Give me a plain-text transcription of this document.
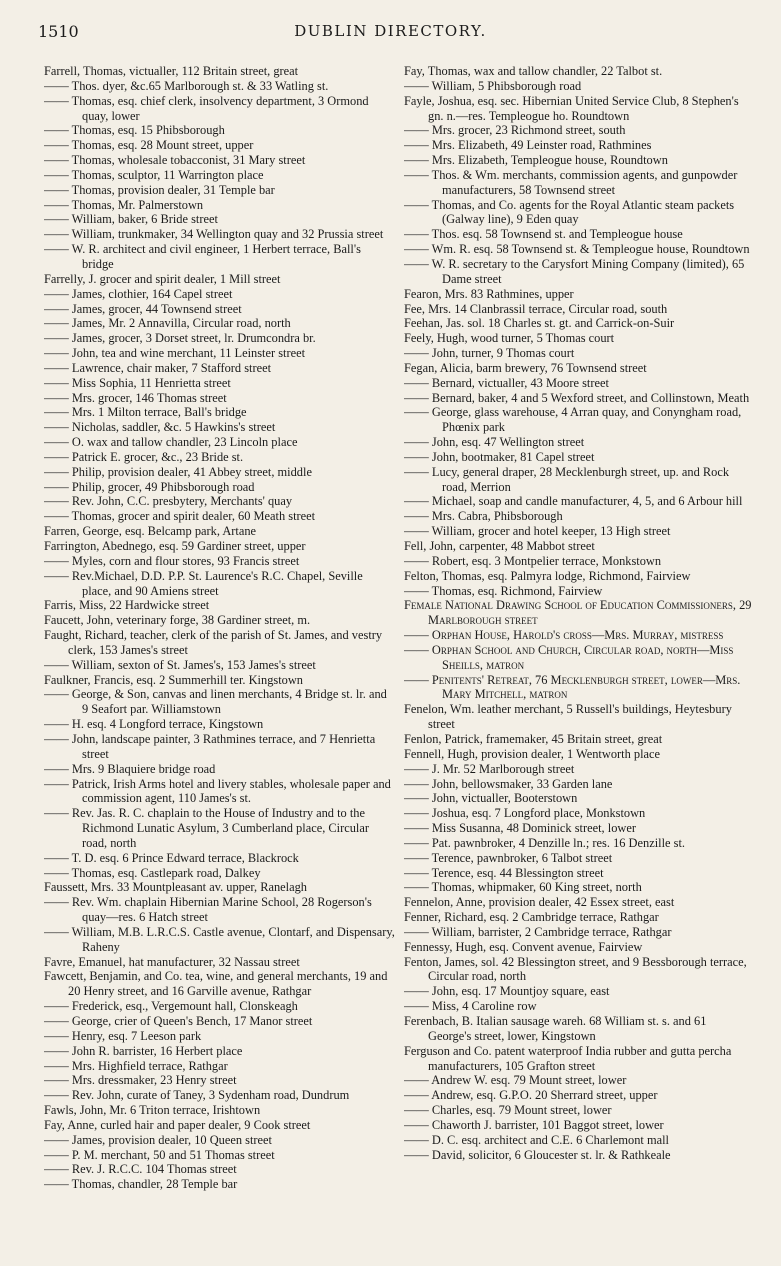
1510	DUBLIN DIRECTORY.
Farrell, Thomas, victualler, 112 Britain street, great
—— Thos. dyer, &c.65 Marlborough st. & 33 Watling st.
—— Thomas, esq. chief clerk, insolvency department, 3 Ormond quay, lower
—— Thomas, esq. 15 Phibsborough
—— Thomas, esq. 28 Mount street, upper
—— Thomas, wholesale tobacconist, 31 Mary street
—— Thomas, sculptor, 11 Warrington place
—— Thomas, provision dealer, 31 Temple bar
—— Thomas, Mr. Palmerstown
—— William, baker, 6 Bride street
—— William, trunkmaker, 34 Wellington quay and 32 Prussia street
—— W. R. architect and civil engineer, 1 Herbert terrace, Ball's bridge
Farrelly, J. grocer and spirit dealer, 1 Mill street
—— James, clothier, 164 Capel street
—— James, grocer, 44 Townsend street
—— James, Mr. 2 Annavilla, Circular road, north
—— James, grocer, 3 Dorset street, lr. Drumcondra br.
—— John, tea and wine merchant, 11 Leinster street
—— Lawrence, chair maker, 7 Stafford street
—— Miss Sophia, 11 Henrietta street
—— Mrs. grocer, 146 Thomas street
—— Mrs. 1 Milton terrace, Ball's bridge
—— Nicholas, saddler, &c. 5 Hawkins's street
—— O. wax and tallow chandler, 23 Lincoln place
—— Patrick E. grocer, &c., 23 Bride st.
—— Philip, provision dealer, 41 Abbey street, middle
—— Philip, grocer, 49 Phibsborough road
—— Rev. John, C.C. presbytery, Merchants' quay
—— Thomas, grocer and spirit dealer, 60 Meath street
Farren, George, esq. Belcamp park, Artane
Farrington, Abednego, esq. 59 Gardiner street, upper
—— Myles, corn and flour stores, 93 Francis street
—— Rev.Michael, D.D. P.P. St. Laurence's R.C. Chapel, Seville place, and 90 Amiens street
Farris, Miss, 22 Hardwicke street
Faucett, John, veterinary forge, 38 Gardiner street, m.
Faught, Richard, teacher, clerk of the parish of St. James, and vestry clerk, 153 James's street
—— William, sexton of St. James's, 153 James's street
Faulkner, Francis, esq. 2 Summerhill ter. Kingstown
—— George, & Son, canvas and linen merchants, 4 Bridge st. lr. and 9 Seafort par. Williamstown
—— H. esq. 4 Longford terrace, Kingstown
—— John, landscape painter, 3 Rathmines terrace, and 7 Henrietta street
—— Mrs. 9 Blaquiere bridge road
—— Patrick, Irish Arms hotel and livery stables, wholesale paper and commission agent, 110 James's st.
—— Rev. Jas. R. C. chaplain to the House of Industry and to the Richmond Lunatic Asylum, 3 Cumberland place, Circular road, north
—— T. D. esq. 6 Prince Edward terrace, Blackrock
—— Thomas, esq. Castlepark road, Dalkey
Faussett, Mrs. 33 Mountpleasant av. upper, Ranelagh
—— Rev. Wm. chaplain Hibernian Marine School, 28 Rogerson's quay—res. 6 Hatch street
—— William, M.B. L.R.C.S. Castle avenue, Clontarf, and Dispensary, Raheny
Favre, Emanuel, hat manufacturer, 32 Nassau street
Fawcett, Benjamin, and Co. tea, wine, and general merchants, 19 and 20 Henry street, and 16 Garville avenue, Rathgar
—— Frederick, esq., Vergemount hall, Clonskeagh
—— George, crier of Queen's Bench, 17 Manor street
—— Henry, esq. 7 Leeson park
—— John R. barrister, 16 Herbert place
—— Mrs. Highfield terrace, Rathgar
—— Mrs. dressmaker, 23 Henry street
—— Rev. John, curate of Taney, 3 Sydenham road, Dundrum
Fawls, John, Mr. 6 Triton terrace, Irishtown
Fay, Anne, curled hair and paper dealer, 9 Cook street
—— James, provision dealer, 10 Queen street
—— P. M. merchant, 50 and 51 Thomas street
—— Rev. J. R.C.C. 104 Thomas street
—— Thomas, chandler, 28 Temple bar
Fay, Thomas, wax and tallow chandler, 22 Talbot st.
—— William, 5 Phibsborough road
Fayle, Joshua, esq. sec. Hibernian United Service Club, 8 Stephen's gn. n.—res. Templeogue ho. Roundtown
—— Mrs. grocer, 23 Richmond street, south
—— Mrs. Elizabeth, 49 Leinster road, Rathmines
—— Mrs. Elizabeth, Templeogue house, Roundtown
—— Thos. & Wm. merchants, commission agents, and gunpowder manufacturers, 58 Townsend street
—— Thomas, and Co. agents for the Royal Atlantic steam packets (Galway line), 9 Eden quay
—— Thos. esq. 58 Townsend st. and Templeogue house
—— Wm. R. esq. 58 Townsend st. & Templeogue house, Roundtown
—— W. R. secretary to the Carysfort Mining Company (limited), 65 Dame street
Fearon, Mrs. 83 Rathmines, upper
Fee, Mrs. 14 Clanbrassil terrace, Circular road, south
Feehan, Jas. sol. 18 Charles st. gt. and Carrick-on-Suir
Feely, Hugh, wood turner, 5 Thomas court
—— John, turner, 9 Thomas court
Fegan, Alicia, barm brewery, 76 Townsend street
—— Bernard, victualler, 43 Moore street
—— Bernard, baker, 4 and 5 Wexford street, and Collinstown, Meath
—— George, glass warehouse, 4 Arran quay, and Conyngham road, Phœnix park
—— John, esq. 47 Wellington street
—— John, bootmaker, 81 Capel street
—— Lucy, general draper, 28 Mecklenburgh street, up. and Rock road, Merrion
—— Michael, soap and candle manufacturer, 4, 5, and 6 Arbour hill
—— Mrs. Cabra, Phibsborough
—— William, grocer and hotel keeper, 13 High street
Fell, John, carpenter, 48 Mabbot street
—— Robert, esq. 3 Montpelier terrace, Monkstown
Felton, Thomas, esq. Palmyra lodge, Richmond, Fairview
—— Thomas, esq. Richmond, Fairview
Female National Drawing School of Education Commissioners, 29 Marlborough street
—— Orphan House, Harold's cross—Mrs. Murray, mistress
—— Orphan School and Church, Circular road, north—Miss Sheills, matron
—— Penitents' Retreat, 76 Mecklenburgh street, lower—Mrs. Mary Mitchell, matron
Fenelon, Wm. leather merchant, 5 Russell's buildings, Heytesbury street
Fenlon, Patrick, framemaker, 45 Britain street, great
Fennell, Hugh, provision dealer, 1 Wentworth place
—— J. Mr. 52 Marlborough street
—— John, bellowsmaker, 33 Garden lane
—— John, victualler, Booterstown
—— Joshua, esq. 7 Longford place, Monkstown
—— Miss Susanna, 48 Dominick street, lower
—— Pat. pawnbroker, 4 Denzille ln.; res. 16 Denzille st.
—— Terence, pawnbroker, 6 Talbot street
—— Terence, esq. 44 Blessington street
—— Thomas, whipmaker, 60 King street, north
Fennelon, Anne, provision dealer, 42 Essex street, east
Fenner, Richard, esq. 2 Cambridge terrace, Rathgar
—— William, barrister, 2 Cambridge terrace, Rathgar
Fennessy, Hugh, esq. Convent avenue, Fairview
Fenton, James, sol. 42 Blessington street, and 9 Bessborough terrace, Circular road, north
—— John, esq. 17 Mountjoy square, east
—— Miss, 4 Caroline row
Ferenbach, B. Italian sausage wareh. 68 William st. s. and 61 George's street, lower, Kingstown
Ferguson and Co. patent waterproof India rubber and gutta percha manufacturers, 105 Grafton street
—— Andrew W. esq. 79 Mount street, lower
—— Andrew, esq. G.P.O. 20 Sherrard street, upper
—— Charles, esq. 79 Mount street, lower
—— Chaworth J. barrister, 101 Baggot street, lower
—— D. C. esq. architect and C.E. 6 Charlemont mall
—— David, solicitor, 6 Gloucester st. lr. & Rathkeale
